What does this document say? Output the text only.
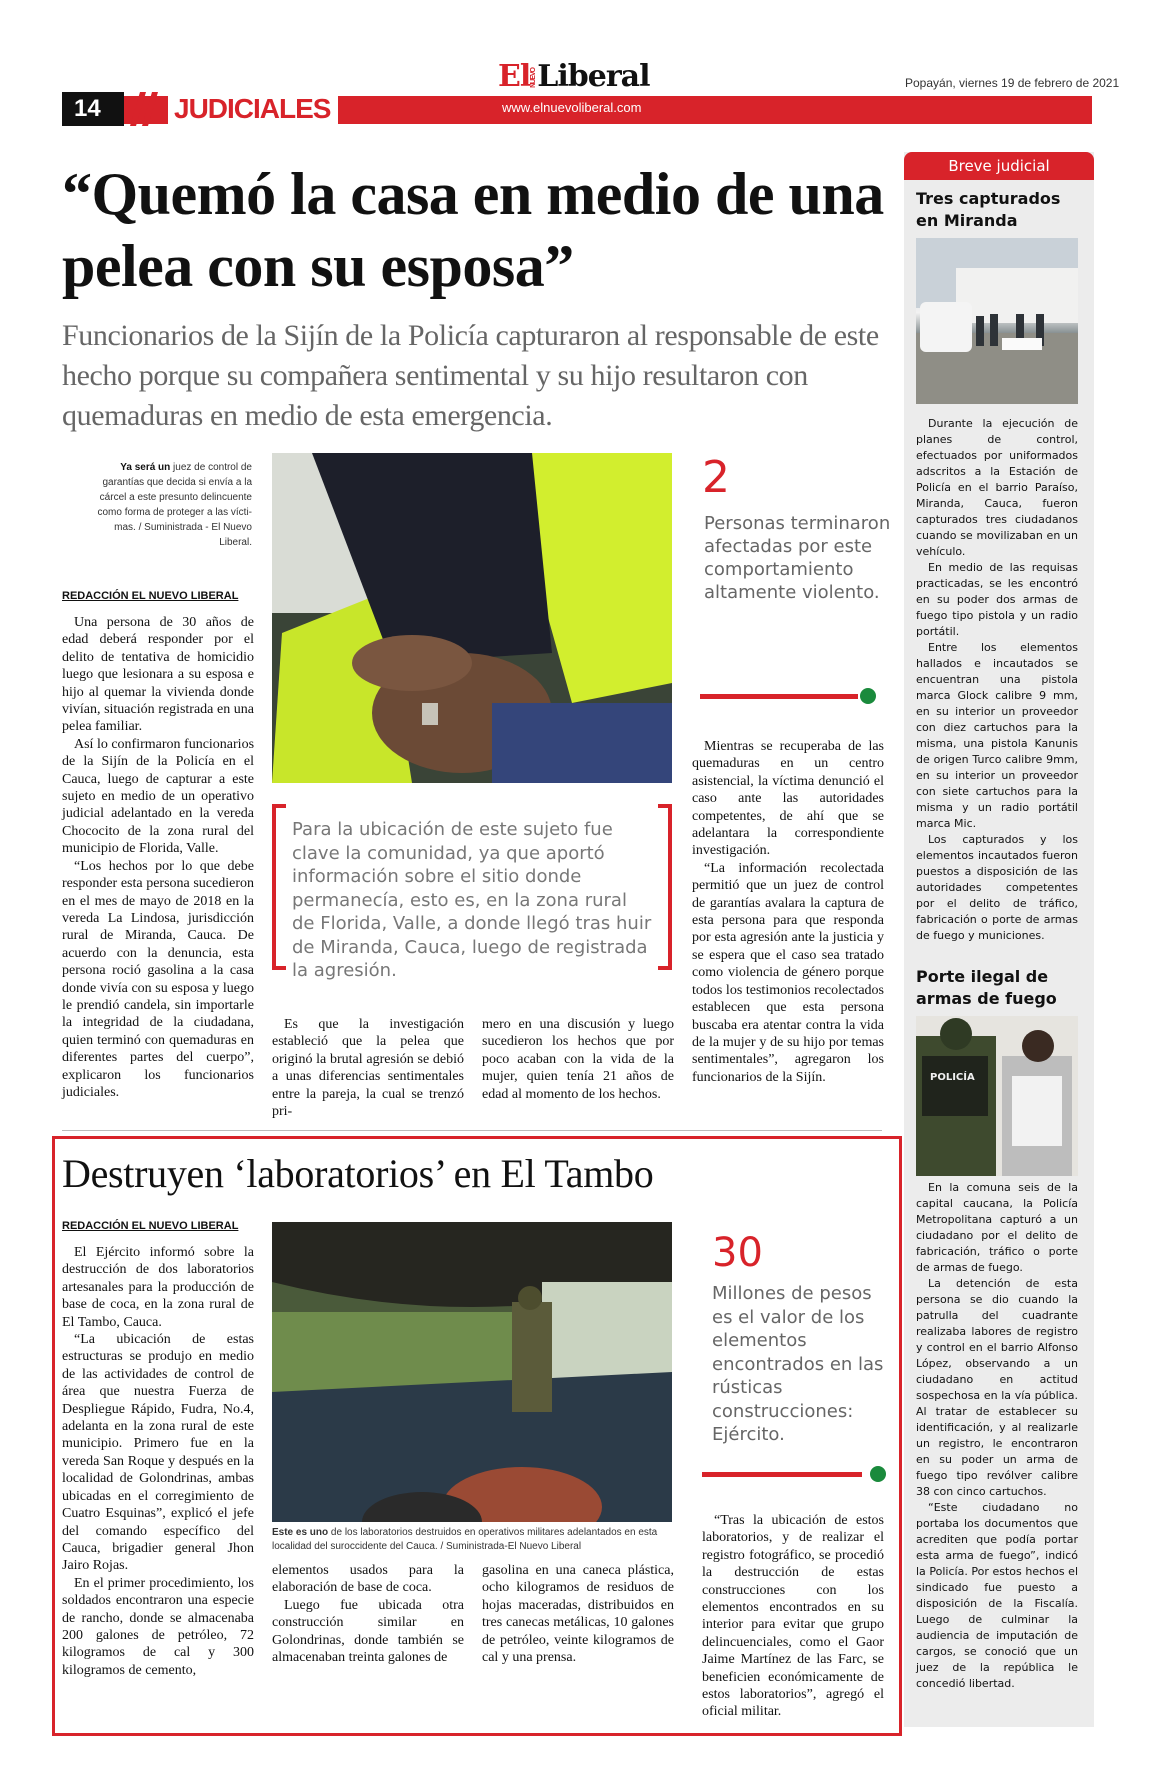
14	JUDICIALES
ElNUEVOLiberal
www.elnuevoliberal.com
Popayán, viernes 19 de febrero de 2021
“Quemó la casa en medio de una pelea con su esposa”
Funcionarios de la Sijín de la Policía capturaron al responsable de este hecho porque su compañera sentimental y su hijo resultaron con quemaduras en medio de esta emergencia.
Ya será un juez de control de garantías que decida si envía a la cárcel a este presunto delincuente como forma de proteger a las vícti-mas. / Suministrada - El Nuevo Liberal.
REDACCIÓN EL NUEVO LIBERAL

Una persona de 30 años de edad deberá responder por el delito de tentativa de homicidio luego que lesionara a su esposa e hijo al quemar la vivienda donde vivían, situación registrada en una pelea familiar.

Así lo confirmaron funcionarios de la Sijín de la Policía en el Cauca, luego de capturar a este sujeto en medio de un operativo judicial adelantado en la vereda Chococito de la zona rural del municipio de Florida, Valle.

“Los hechos por lo que debe responder esta persona sucedieron en el mes de mayo de 2018 en la vereda La Lindosa, jurisdicción rural de Miranda, Cauca. De acuerdo con la denuncia, esta persona roció gasolina a la casa donde vivía con su esposa y luego le prendió candela, sin importarle la integridad de la ciudadana, quien terminó con quemaduras en diferentes partes del cuerpo”, explicaron los funcionarios judiciales.

2
Personas terminaron afectadas por este comportamiento altamente violento.
Para la ubicación de este sujeto fue clave la comunidad, ya que aportó información sobre el sitio donde permanecía, esto es, en la zona rural de Florida, Valle, a donde llegó tras huir de Miranda, Cauca, luego de registrada la agresión.

Es que la investigación estableció que la pelea que originó la brutal agresión se debió a unas diferencias sentimentales entre la pareja, la cual se trenzó pri-

mero en una discusión y luego sucedieron los hechos que por poco acaban con la vida de la mujer, quien tenía 21 años de edad al momento de los hechos.

Mientras se recuperaba de las quemaduras en un centro asistencial, la víctima denunció el caso ante las autoridades competentes, de ahí que se adelantara la correspondiente investigación.

“La información recolectada permitió que un juez de control de garantías avalara la captura de esta persona para que responda por esta agresión ante la justicia y se espera que el caso sea tratado como violencia de género porque todos los testimonios recolectados establecen que esta persona buscaba era atentar contra la vida de la mujer y de su hijo por temas sentimentales”, agregaron los funcionarios de la Sijín.

Destruyen ‘laboratorios’ en El Tambo
REDACCIÓN EL NUEVO LIBERAL

El Ejército informó sobre la destrucción de dos laboratorios artesanales para la producción de base de coca, en la zona rural de El Tambo, Cauca.

“La ubicación de estas estructuras se produjo en medio de las actividades de control de área que nuestra Fuerza de Despliegue Rápido, Fudra, No.4, adelanta en la zona rural de este municipio. Primero fue en la vereda San Roque y después en la localidad de Golondrinas, ambas ubicadas en el corregimiento de Cuatro Esquinas”, explicó el jefe del comando específico del Cauca, brigadier general Jhon Jairo Rojas.

En el primer procedimiento, los soldados encontraron una especie de rancho, donde se almacenaba 200 galones de petróleo, 72 kilogramos de cal y 300 kilogramos de cemento,

Este es uno de los laboratorios destruidos en operativos militares adelantados en esta localidad del suroccidente del Cauca. / Suministrada-El Nuevo Liberal

elementos usados para la elaboración de base de coca.

Luego fue ubicada otra construcción similar en Golondrinas, donde también se almacenaban treinta galones de

gasolina en una caneca plástica, ocho kilogramos de residuos de hojas maceradas, distribuidos en tres canecas metálicas, 10 galones de petróleo, veinte kilogramos de cal y una prensa.

30
Millones de pesos es el valor de los elementos encontrados en las rústicas construcciones: Ejército.

“Tras la ubicación de estos laboratorios, y de realizar el registro fotográfico, se procedió la destrucción de estas construcciones con los elementos encontrados en su interior para evitar que grupo delincuenciales, como el Gaor Jaime Martínez de las Farc, se beneficien económicamente de estos laboratorios”, agregó el oficial militar.

Breve judicial
Tres capturados en Miranda

Durante la ejecución de planes de control, efectuados por uniformados adscritos a la Estación de Policía en el barrio Paraíso, Miranda, Cauca, fueron capturados tres ciudadanos cuando se movilizaban en un vehículo.

En medio de las requisas practicadas, se les encontró en su poder dos armas de fuego tipo pistola y un radio portátil.

Entre los elementos hallados e incautados se encuentran una pistola marca Glock calibre 9 mm, en su interior un proveedor con diez cartuchos para la misma, una pistola Kanunis de origen Turco calibre 9mm, en su interior un proveedor con siete cartuchos para la misma y un radio portátil marca Mic.

Los capturados y los elementos incautados fueron puestos a disposición de las autoridades competentes por el delito de tráfico, fabricación o porte de armas de fuego y municiones.

Porte ilegal de armas de fuego
POLICÍA

En la comuna seis de la capital caucana, la Policía Metropolitana capturó a un ciudadano por el delito de fabricación, tráfico o porte de armas de fuego.

La detención de esta persona se dio cuando la patrulla del cuadrante realizaba labores de registro y control en el barrio Alfonso López, observando a un ciudadano en actitud sospechosa en la vía pública. Al tratar de establecer su identificación, y al realizarle un registro, le encontraron en su poder un arma de fuego tipo revólver calibre 38 con cinco cartuchos.

“Este ciudadano no portaba los documentos que acrediten que podía portar esta arma de fuego”, indicó la Policía. Por estos hechos el sindicado fue puesto a disposición de la Fiscalía. Luego de culminar la audiencia de imputación de cargos, se conoció que un juez de la república le concedió libertad.
